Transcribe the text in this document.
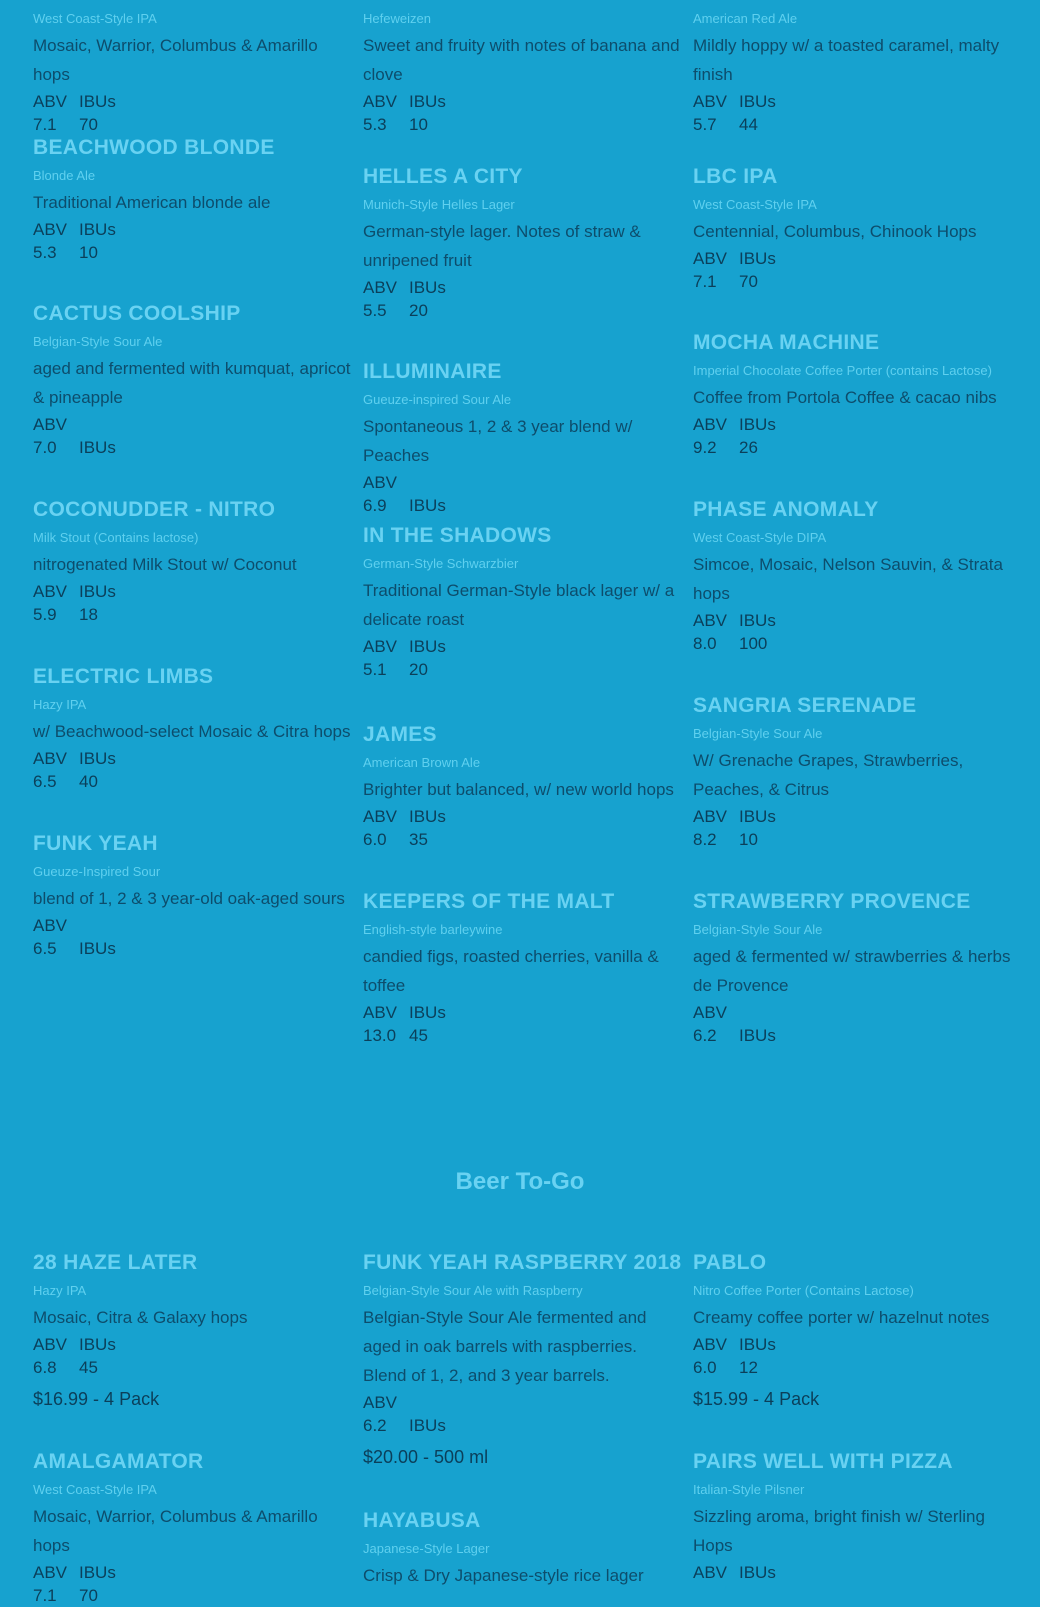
West Coast-Style IPA
Mosaic, Warrior, Columbus & Amarillo hops
ABV IBUs
7.1 70
BEACHWOOD BLONDE
Blonde Ale
Traditional American blonde ale
ABV IBUs
5.3 10
CACTUS COOLSHIP
Belgian-Style Sour Ale
aged and fermented with kumquat, apricot & pineapple
ABV
7.0 IBUs
COCONUDDER - NITRO
Milk Stout (Contains lactose)
nitrogenated Milk Stout w/ Coconut
ABV IBUs
5.9 18
ELECTRIC LIMBS
Hazy IPA
w/ Beachwood-select Mosaic & Citra hops
ABV IBUs
6.5 40
FUNK YEAH
Gueuze-Inspired Sour
blend of 1, 2 & 3 year-old oak-aged sours
ABV
6.5 IBUs
Hefeweizen
Sweet and fruity with notes of banana and clove
ABV IBUs
5.3 10
HELLES A CITY
Munich-Style Helles Lager
German-style lager. Notes of straw & unripened fruit
ABV IBUs
5.5 20
ILLUMINAIRE
Gueuze-inspired Sour Ale
Spontaneous 1, 2 & 3 year blend w/ Peaches
ABV
6.9 IBUs
IN THE SHADOWS
German-Style Schwarzbier
Traditional German-Style black lager w/ a delicate roast
ABV IBUs
5.1 20
JAMES
American Brown Ale
Brighter but balanced, w/ new world hops
ABV IBUs
6.0 35
KEEPERS OF THE MALT
English-style barleywine
candied figs, roasted cherries, vanilla & toffee
ABV IBUs
13.0 45
American Red Ale
Mildly hoppy w/ a toasted caramel, malty finish
ABV IBUs
5.7 44
LBC IPA
West Coast-Style IPA
Centennial, Columbus, Chinook Hops
ABV IBUs
7.1 70
MOCHA MACHINE
Imperial Chocolate Coffee Porter (contains Lactose)
Coffee from Portola Coffee & cacao nibs
ABV IBUs
9.2 26
PHASE ANOMALY
West Coast-Style DIPA
Simcoe, Mosaic, Nelson Sauvin, & Strata hops
ABV IBUs
8.0 100
SANGRIA SERENADE
Belgian-Style Sour Ale
W/ Grenache Grapes, Strawberries, Peaches, & Citrus
ABV IBUs
8.2 10
STRAWBERRY PROVENCE
Belgian-Style Sour Ale
aged & fermented w/ strawberries & herbs de Provence
ABV
6.2 IBUs
Beer To-Go
28 HAZE LATER
Hazy IPA
Mosaic, Citra & Galaxy hops
ABV IBUs
6.8 45
$16.99 - 4 Pack
AMALGAMATOR
West Coast-Style IPA
Mosaic, Warrior, Columbus & Amarillo hops
ABV IBUs
7.1 70
FUNK YEAH RASPBERRY 2018
Belgian-Style Sour Ale with Raspberry
Belgian-Style Sour Ale fermented and aged in oak barrels with raspberries. Blend of 1, 2, and 3 year barrels.
ABV
6.2 IBUs
$20.00 - 500 ml
HAYABUSA
Japanese-Style Lager
Crisp & Dry Japanese-style rice lager
PABLO
Nitro Coffee Porter (Contains Lactose)
Creamy coffee porter w/ hazelnut notes
ABV IBUs
6.0 12
$15.99 - 4 Pack
PAIRS WELL WITH PIZZA
Italian-Style Pilsner
Sizzling aroma, bright finish w/ Sterling Hops
ABV IBUs
